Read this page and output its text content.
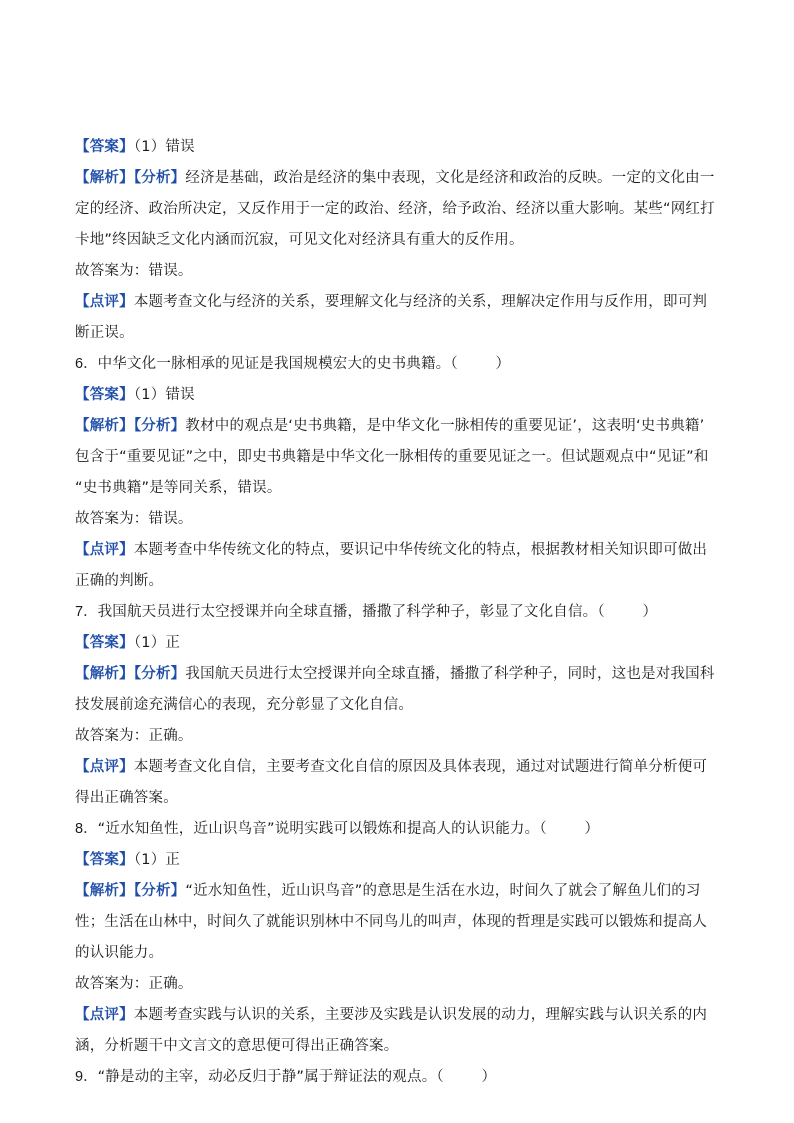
【答案】（1）错误
【解析】【分析】经济是基础，政治是经济的集中表现，文化是经济和政治的反映。一定的文化由一
定的经济、政治所决定，又反作用于一定的政治、经济，给予政治、经济以重大影响。某些“网红打
卡地”终因缺乏文化内涵而沉寂，可见文化对经济具有重大的反作用。
故答案为：错误。
【点评】本题考查文化与经济的关系，要理解文化与经济的关系，理解决定作用与反作用，即可判
断正误。
6．中华文化一脉相承的见证是我国规模宏大的史书典籍。（	）
【答案】（1）错误
【解析】【分析】教材中的观点是‘史书典籍，是中华文化一脉相传的重要见证’，这表明‘史书典籍’
包含于“重要见证”之中，即史书典籍是中华文化一脉相传的重要见证之一。但试题观点中“见证”和
“史书典籍”是等同关系，错误。
故答案为：错误。
【点评】本题考查中华传统文化的特点，要识记中华传统文化的特点，根据教材相关知识即可做出
正确的判断。
7．我国航天员进行太空授课并向全球直播，播撒了科学种子，彰显了文化自信。（	）
【答案】（1）正
【解析】【分析】我国航天员进行太空授课并向全球直播，播撒了科学种子，同时，这也是对我国科
技发展前途充满信心的表现，充分彰显了文化自信。
故答案为：正确。
【点评】本题考查文化自信，主要考查文化自信的原因及具体表现，通过对试题进行简单分析便可
得出正确答案。
8．“近水知鱼性，近山识鸟音”说明实践可以锻炼和提高人的认识能力。（	）
【答案】（1）正
【解析】【分析】“近水知鱼性，近山识鸟音”的意思是生活在水边，时间久了就会了解鱼儿们的习
性；生活在山林中，时间久了就能识别林中不同鸟儿的叫声，体现的哲理是实践可以锻炼和提高人
的认识能力。
故答案为：正确。
【点评】本题考查实践与认识的关系，主要涉及实践是认识发展的动力，理解实践与认识关系的内
涵，分析题干中文言文的意思便可得出正确答案。
9．“静是动的主宰，动必反归于静”属于辩证法的观点。（	）
